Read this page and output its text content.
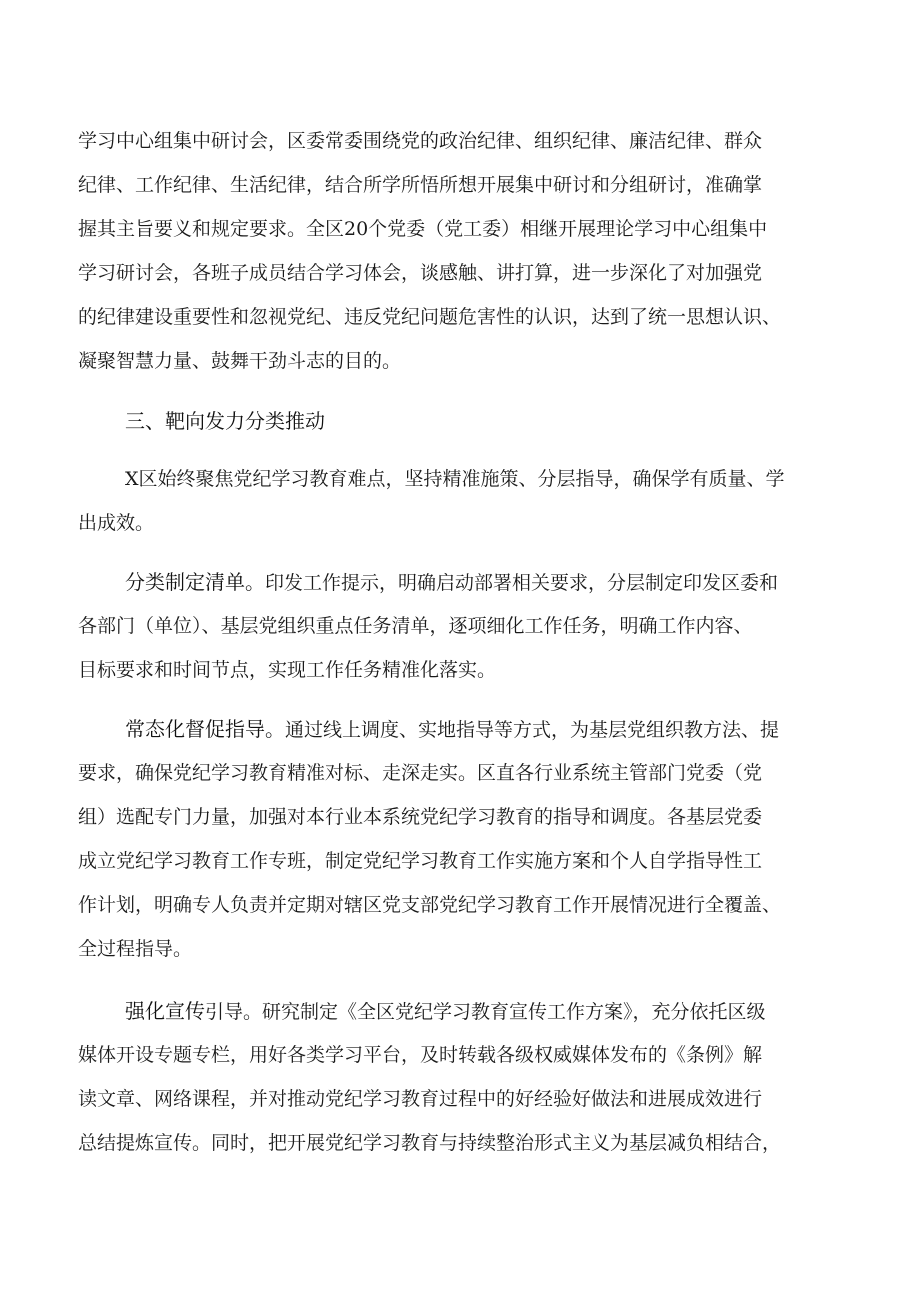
学习中心组集中研讨会，区委常委围绕党的政治纪律、组织纪律、廉洁纪律、群众
纪律、工作纪律、生活纪律，结合所学所悟所想开展集中研讨和分组研讨，准确掌
握其主旨要义和规定要求。全区20个党委（党工委）相继开展理论学习中心组集中
学习研讨会，各班子成员结合学习体会，谈感触、讲打算，进一步深化了对加强党
的纪律建设重要性和忽视党纪、违反党纪问题危害性的认识，达到了统一思想认识、
凝聚智慧力量、鼓舞干劲斗志的目的。
三、靶向发力分类推动
X区始终聚焦党纪学习教育难点，坚持精准施策、分层指导，确保学有质量、学
出成效。
分类制定清单。印发工作提示，明确启动部署相关要求，分层制定印发区委和
各部门（单位）、基层党组织重点任务清单，逐项细化工作任务，明确工作内容、
目标要求和时间节点，实现工作任务精准化落实。
常态化督促指导。通过线上调度、实地指导等方式，为基层党组织教方法、提
要求，确保党纪学习教育精准对标、走深走实。区直各行业系统主管部门党委（党
组）选配专门力量，加强对本行业本系统党纪学习教育的指导和调度。各基层党委
成立党纪学习教育工作专班，制定党纪学习教育工作实施方案和个人自学指导性工
作计划，明确专人负责并定期对辖区党支部党纪学习教育工作开展情况进行全覆盖、
全过程指导。
强化宣传引导。研究制定《全区党纪学习教育宣传工作方案》，充分依托区级
媒体开设专题专栏，用好各类学习平台，及时转载各级权威媒体发布的《条例》解
读文章、网络课程，并对推动党纪学习教育过程中的好经验好做法和进展成效进行
总结提炼宣传。同时，把开展党纪学习教育与持续整治形式主义为基层减负相结合，
